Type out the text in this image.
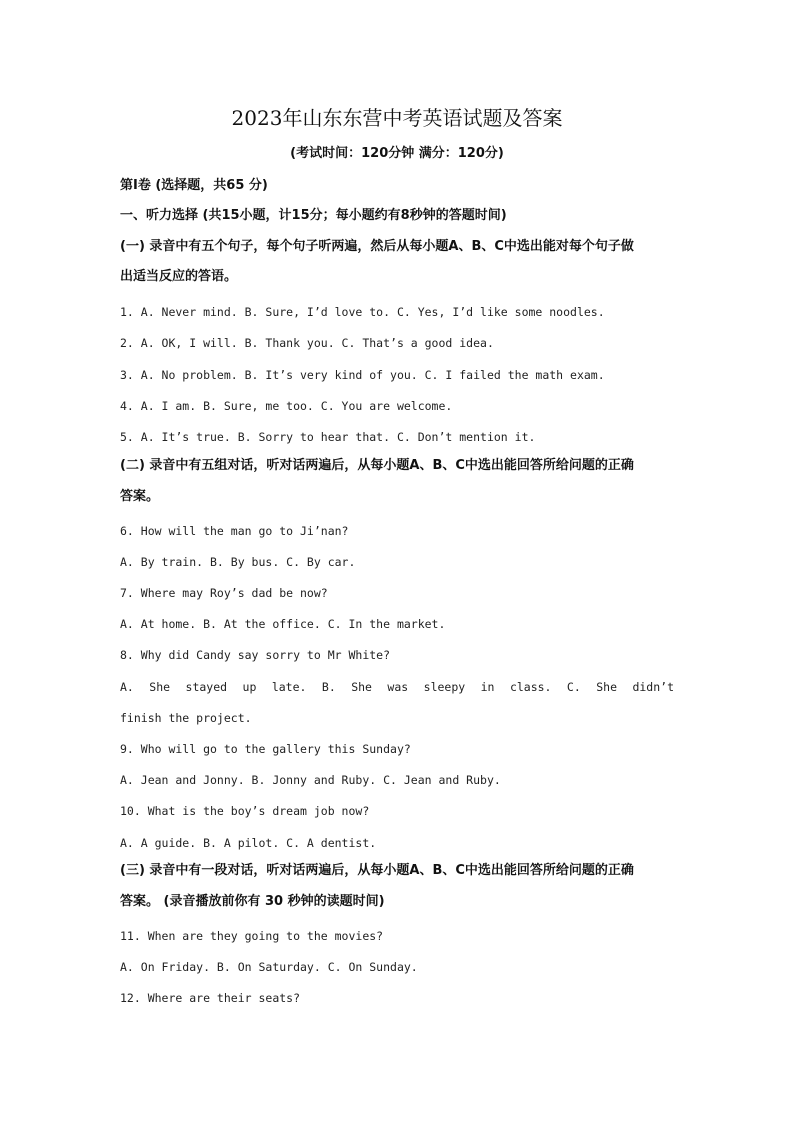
2023年山东东营中考英语试题及答案
(考试时间：120分钟 满分：120分)
第I卷 (选择题，共65 分)
一、听力选择 (共15小题，计15分；每小题约有8秒钟的答题时间)
(一) 录音中有五个句子，每个句子听两遍，然后从每小题A、B、C中选出能对每个句子做
出适当反应的答语。
1. A. Never mind. B. Sure, I’d love to. C. Yes, I’d like some noodles.
2. A. OK, I will. B. Thank you. C. That’s a good idea.
3. A. No problem. B. It’s very kind of you. C. I failed the math exam.
4. A. I am. B. Sure, me too. C. You are welcome.
5. A. It’s true. B. Sorry to hear that. C. Don’t mention it.
(二) 录音中有五组对话，听对话两遍后，从每小题A、B、C中选出能回答所给问题的正确
答案。
6. How will the man go to Ji’nan?
A. By train. B. By bus. C. By car.
7. Where may Roy’s dad be now?
A. At home. B. At the office. C. In the market.
8. Why did Candy say sorry to Mr White?
A. She stayed up late. B. She was sleepy in class. C. She didn’t
finish the project.
9. Who will go to the gallery this Sunday?
A. Jean and Jonny. B. Jonny and Ruby. C. Jean and Ruby.
10. What is the boy’s dream job now?
A. A guide. B. A pilot. C. A dentist.
(三) 录音中有一段对话，听对话两遍后，从每小题A、B、C中选出能回答所给问题的正确
答案。 (录音播放前你有 30 秒钟的读题时间)
11. When are they going to the movies?
A. On Friday. B. On Saturday. C. On Sunday.
12. Where are their seats?
